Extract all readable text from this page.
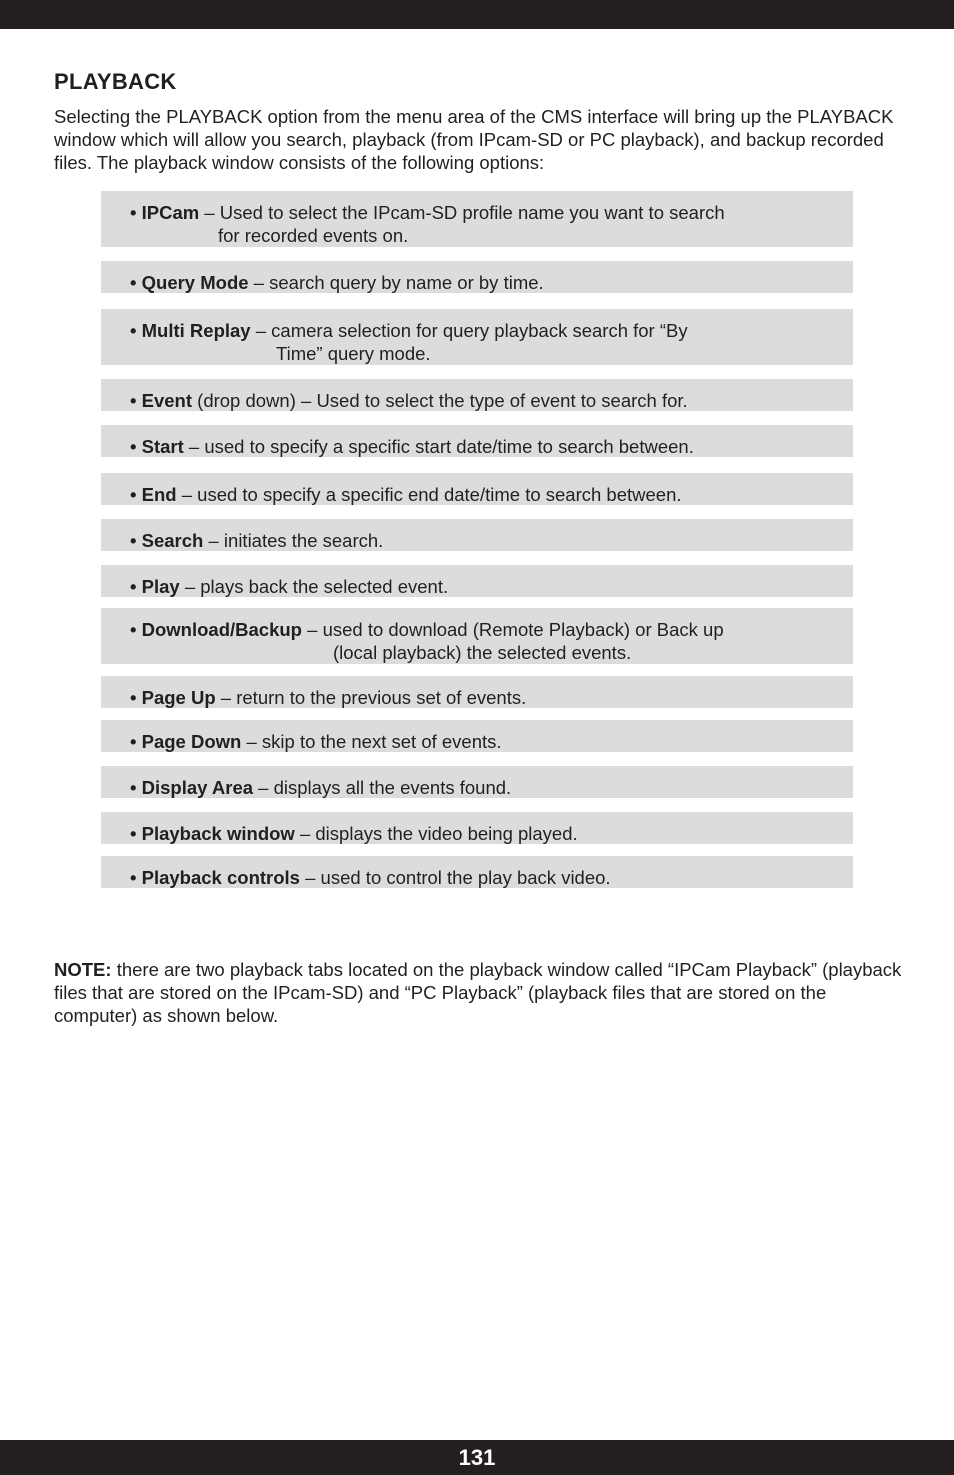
PLAYBACK

Selecting the PLAYBACK option from the menu area of the CMS interface will bring up the PLAYBACK window which will allow you search, playback (from IPcam-SD or PC playback), and backup recorded files. The playback window consists of the following options:

• IPCam – Used to select the IPcam-SD profile name you want to search
for recorded events on.
• Query Mode – search query by name or by time.
• Multi Replay – camera selection for query playback search for “By
Time” query mode.
• Event (drop down) – Used to select the type of event to search for.
• Start – used to specify a specific start date/time to search between.
• End – used to specify a specific end date/time to search between.
• Search – initiates the search.
• Play – plays back the selected event.
• Download/Backup – used to download (Remote Playback) or Back up
(local playback) the selected events.
• Page Up – return to the previous set of events.
• Page Down – skip to the next set of events.
• Display Area – displays all the events found.
• Playback window – displays the video being played.
• Playback controls – used to control the play back video.

NOTE: there are two playback tabs located on the playback window called “IPCam Playback” (playback files that are stored on the IPcam-SD) and “PC Playback” (playback files that are stored on the computer) as shown below.

131
